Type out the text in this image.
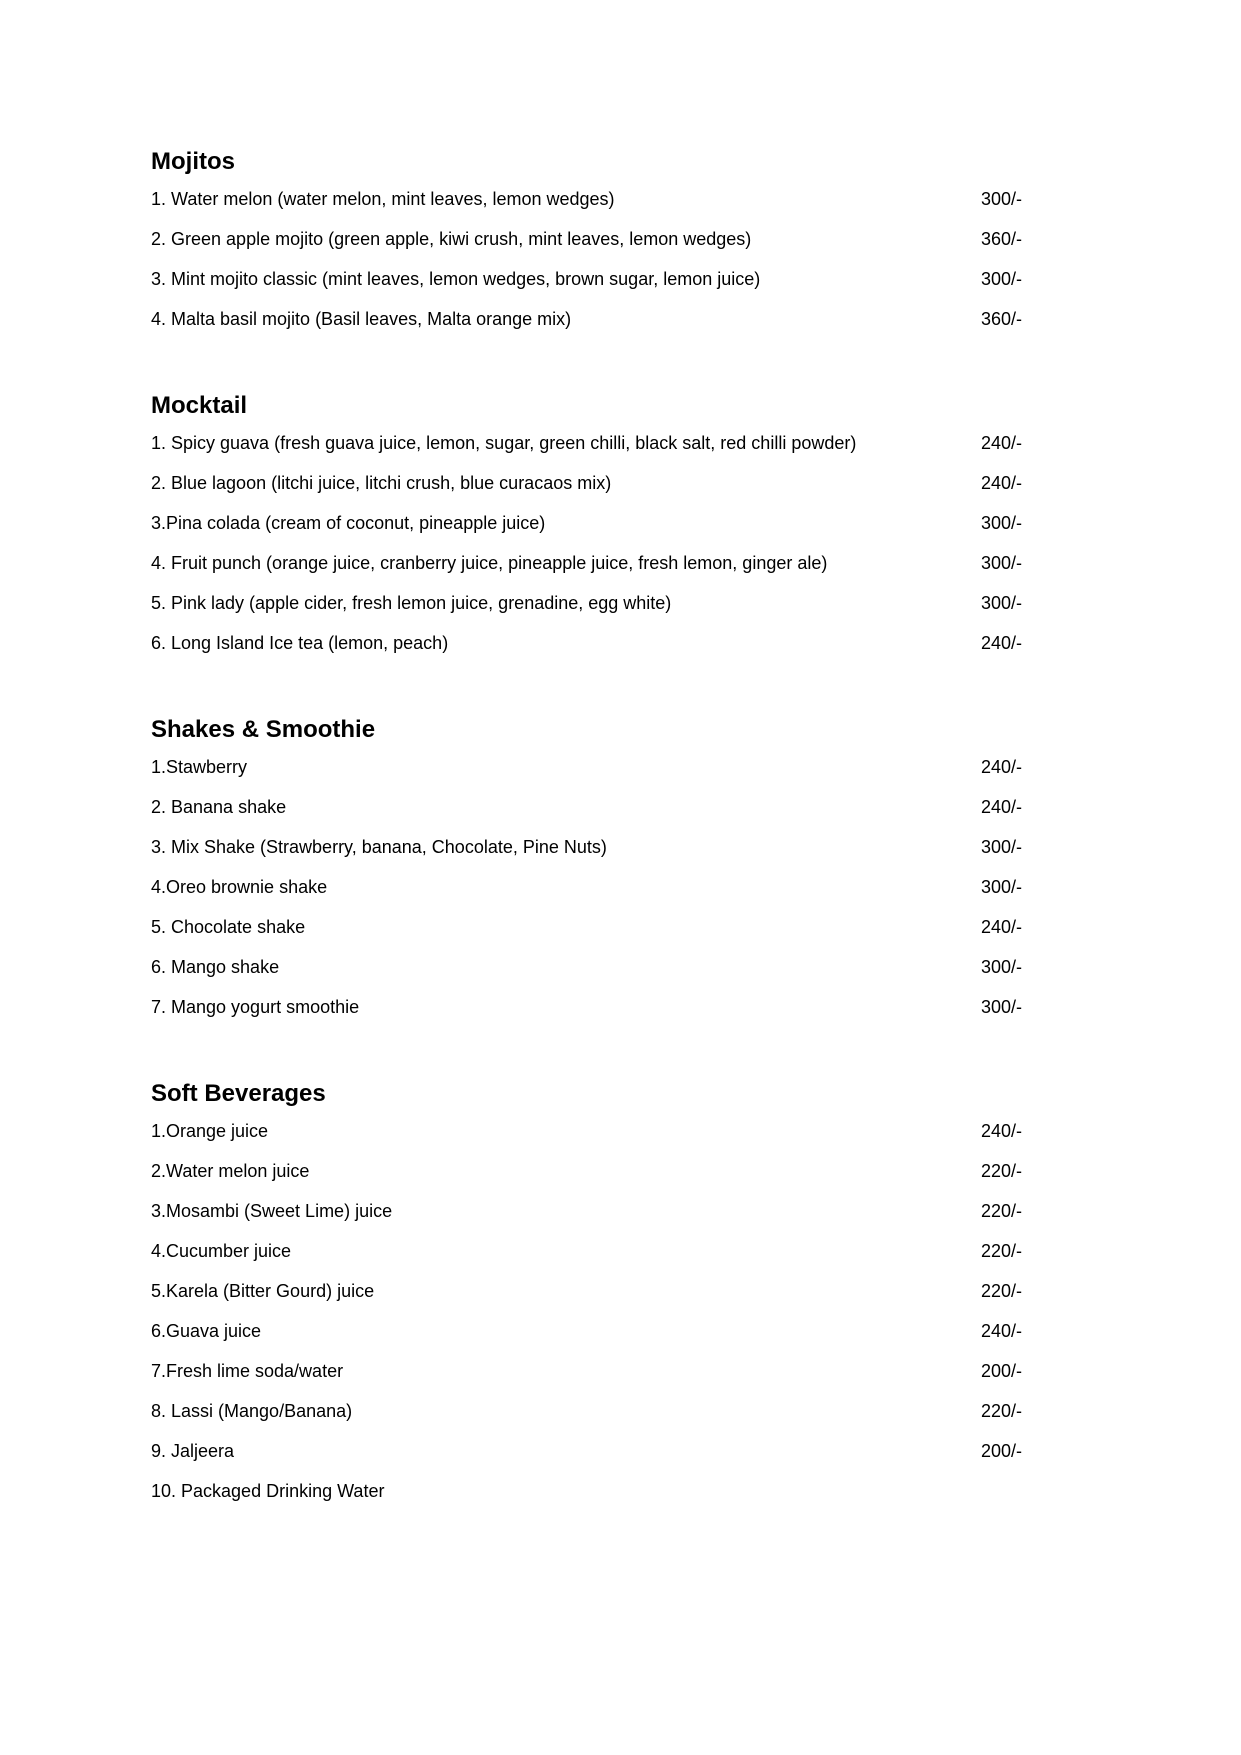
Mojitos
1. Water melon (water melon, mint leaves, lemon wedges)	300/-
2. Green apple mojito (green apple, kiwi crush, mint leaves, lemon wedges)	360/-
3. Mint mojito classic (mint leaves, lemon wedges, brown sugar, lemon juice)	300/-
4. Malta basil mojito (Basil leaves, Malta orange mix)	360/-
Mocktail
1. Spicy guava (fresh guava juice, lemon, sugar, green chilli, black salt, red chilli powder)	240/-
2. Blue lagoon (litchi juice, litchi crush, blue curacaos mix)	240/-
3.Pina colada (cream of coconut, pineapple juice)	300/-
4. Fruit punch (orange juice, cranberry juice, pineapple juice, fresh lemon, ginger ale)	300/-
5. Pink lady (apple cider, fresh lemon juice, grenadine, egg white)	300/-
6. Long Island Ice tea (lemon, peach)	240/-
Shakes & Smoothie
1.Stawberry	240/-
2. Banana shake	240/-
3. Mix Shake (Strawberry, banana, Chocolate, Pine Nuts)	300/-
4.Oreo brownie shake	300/-
5. Chocolate shake	240/-
6. Mango shake	300/-
7. Mango yogurt smoothie	300/-
Soft Beverages
1.Orange juice	240/-
2.Water melon juice	220/-
3.Mosambi (Sweet Lime) juice	220/-
4.Cucumber juice	220/-
5.Karela (Bitter Gourd) juice	220/-
6.Guava juice	240/-
7.Fresh lime soda/water	200/-
8. Lassi (Mango/Banana)	220/-
9. Jaljeera	200/-
10. Packaged Drinking Water
